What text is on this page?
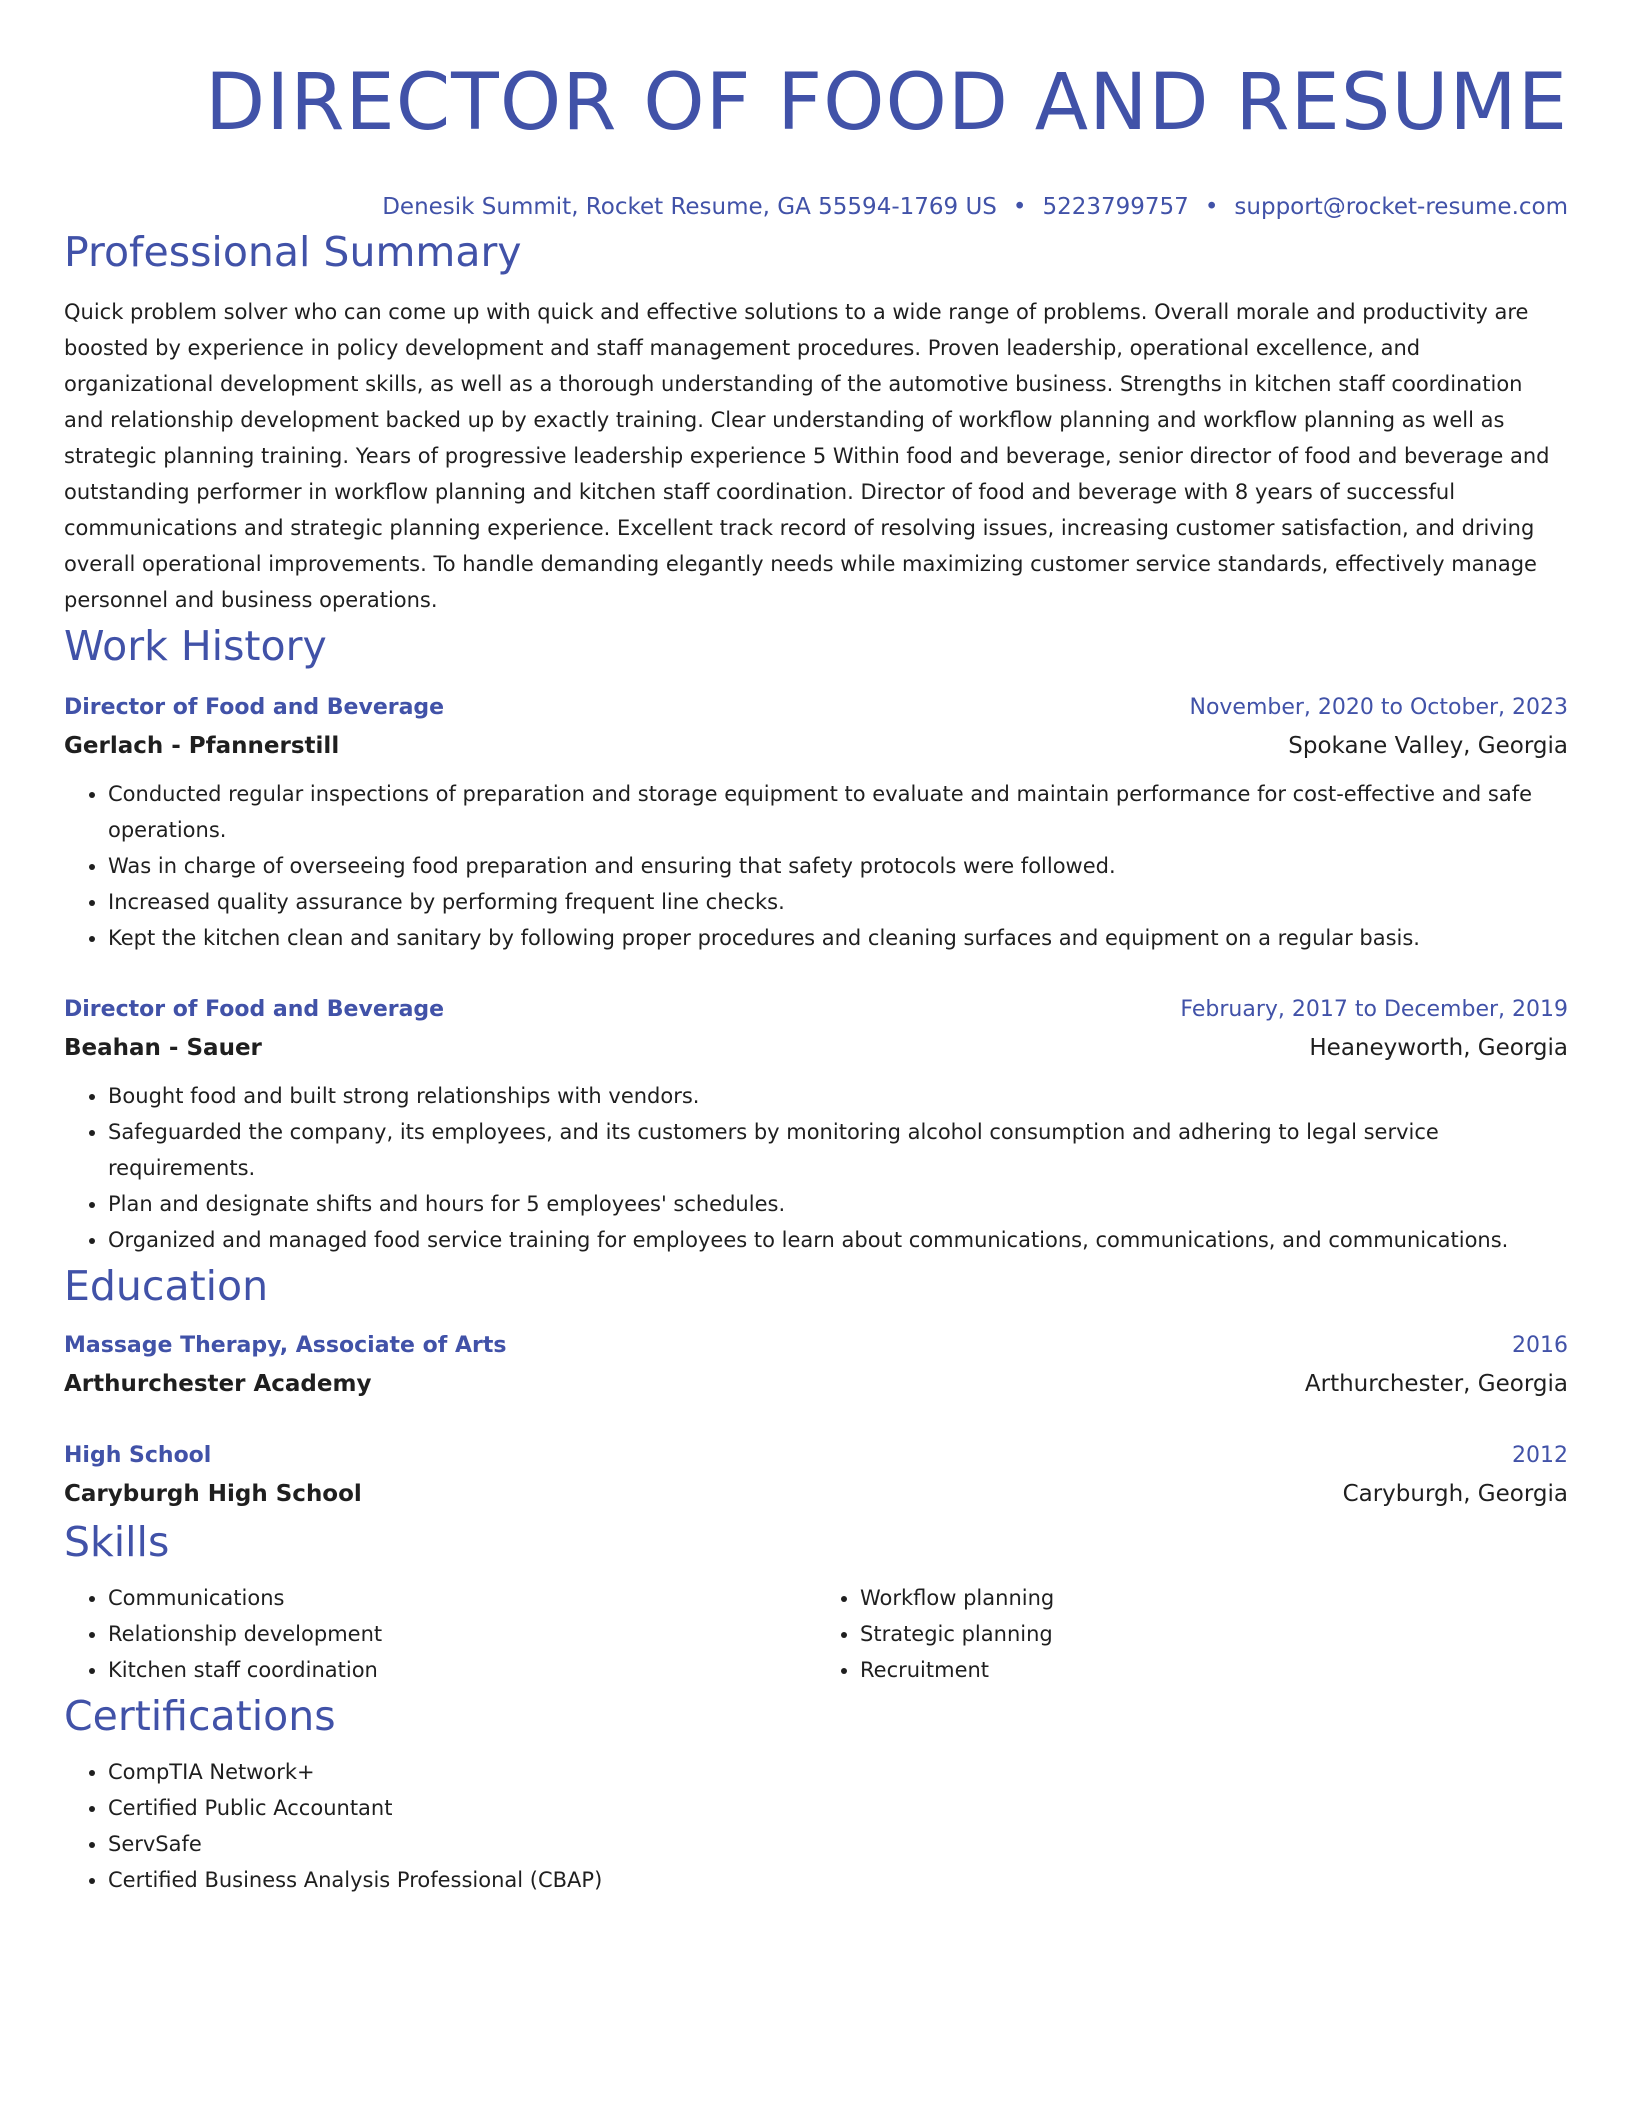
DIRECTOR OF FOOD AND RESUME
Denesik Summit, Rocket Resume, GA 55594-1769 US • 5223799757 • support@rocket-resume.com
Professional Summary

Quick problem solver who can come up with quick and effective solutions to a wide range of problems. Overall morale and productivity are boosted by experience in policy development and staff management procedures. Proven leadership, operational excellence, and organizational development skills, as well as a thorough understanding of the automotive business. Strengths in kitchen staff coordination and relationship development backed up by exactly training. Clear understanding of workflow planning and workflow planning as well as strategic planning training. Years of progressive leadership experience 5 Within food and beverage, senior director of food and beverage and outstanding performer in workflow planning and kitchen staff coordination. Director of food and beverage with 8 years of successful communications and strategic planning experience. Excellent track record of resolving issues, increasing customer satisfaction, and driving overall operational improvements. To handle demanding elegantly needs while maximizing customer service standards, effectively manage personnel and business operations.

Work History
Director of Food and Beverage	November, 2020 to October, 2023
Gerlach - Pfannerstill	Spokane Valley, Georgia
• Conducted regular inspections of preparation and storage equipment to evaluate and maintain performance for cost-effective and safe operations.
• Was in charge of overseeing food preparation and ensuring that safety protocols were followed.
• Increased quality assurance by performing frequent line checks.
• Kept the kitchen clean and sanitary by following proper procedures and cleaning surfaces and equipment on a regular basis.
Director of Food and Beverage	February, 2017 to December, 2019
Beahan - Sauer	Heaneyworth, Georgia
• Bought food and built strong relationships with vendors.
• Safeguarded the company, its employees, and its customers by monitoring alcohol consumption and adhering to legal service requirements.
• Plan and designate shifts and hours for 5 employees' schedules.
• Organized and managed food service training for employees to learn about communications, communications, and communications.
Education
Massage Therapy, Associate of Arts	2016
Arthurchester Academy	Arthurchester, Georgia
High School	2012
Caryburgh High School	Caryburgh, Georgia
Skills
• Communications
• Relationship development
• Kitchen staff coordination
• Workflow planning
• Strategic planning
• Recruitment
Certifications
• CompTIA Network+
• Certified Public Accountant
• ServSafe
• Certified Business Analysis Professional (CBAP)
